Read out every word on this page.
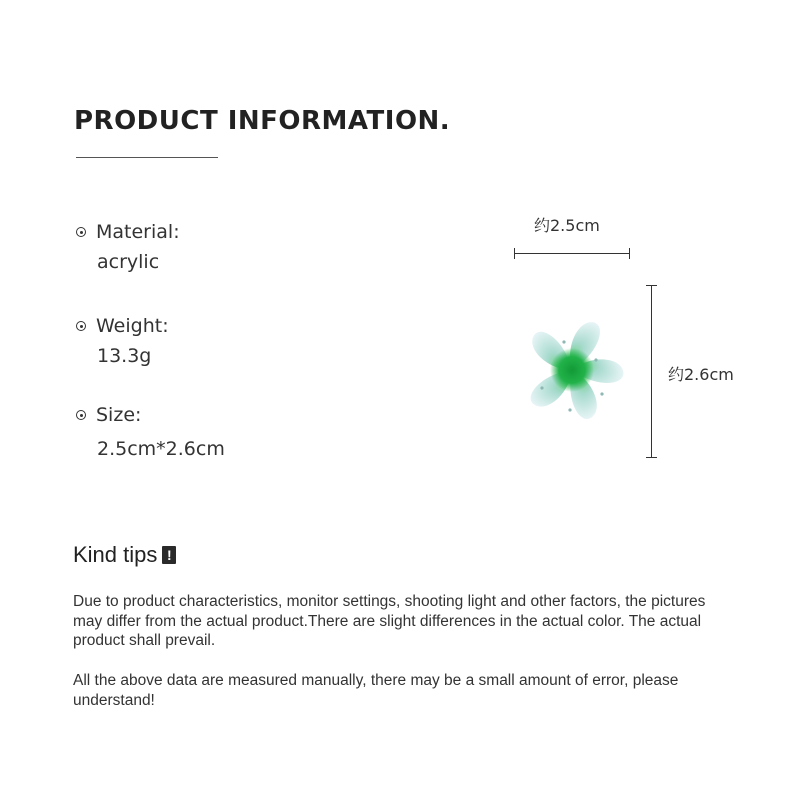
PRODUCT INFORMATION.
Material:
acrylic
Weight:
13.3g
Size:
2.5cm*2.6cm
约2.5cm
约2.6cm
Kind tips !
Due to product characteristics, monitor settings, shooting light and other factors, the pictures may differ from the actual product.There are slight differences in the actual color. The actual product shall prevail.
All the above data are measured manually, there may be a small amount of error, please understand!
